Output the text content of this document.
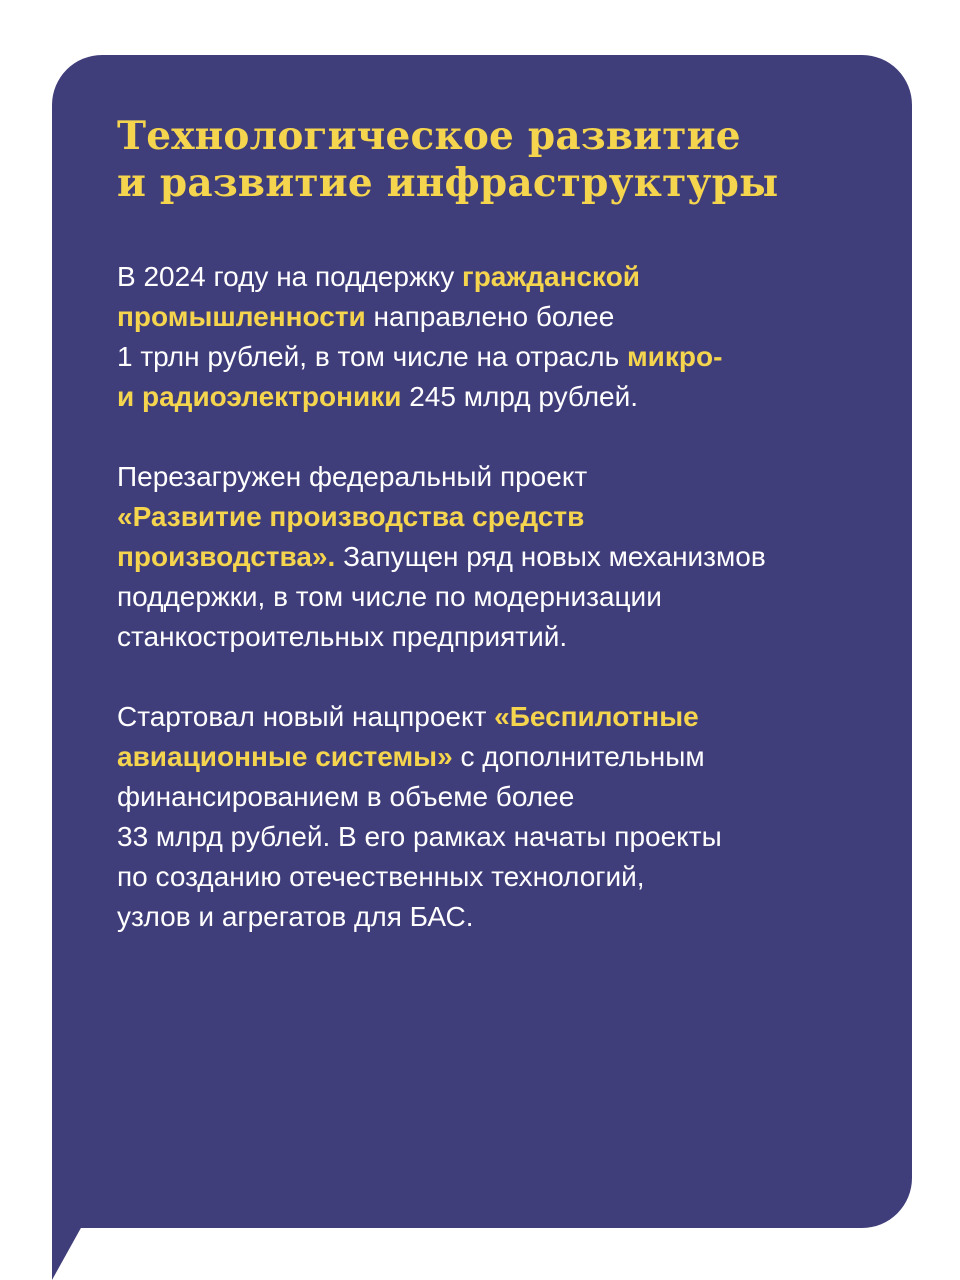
Технологическое развитие
и развитие инфраструктуры

В 2024 году на поддержку гражданской
промышленности направлено более
1 трлн рублей, в том числе на отрасль микро-
и радиоэлектроники 245 млрд рублей.

Перезагружен федеральный проект
«Развитие производства средств
производства». Запущен ряд новых механизмов
поддержки, в том числе по модернизации
станкостроительных предприятий.

Стартовал новый нацпроект «Беспилотные
авиационные системы» с дополнительным
финансированием в объеме более
33 млрд рублей. В его рамках начаты проекты
по созданию отечественных технологий,
узлов и агрегатов для БАС.
